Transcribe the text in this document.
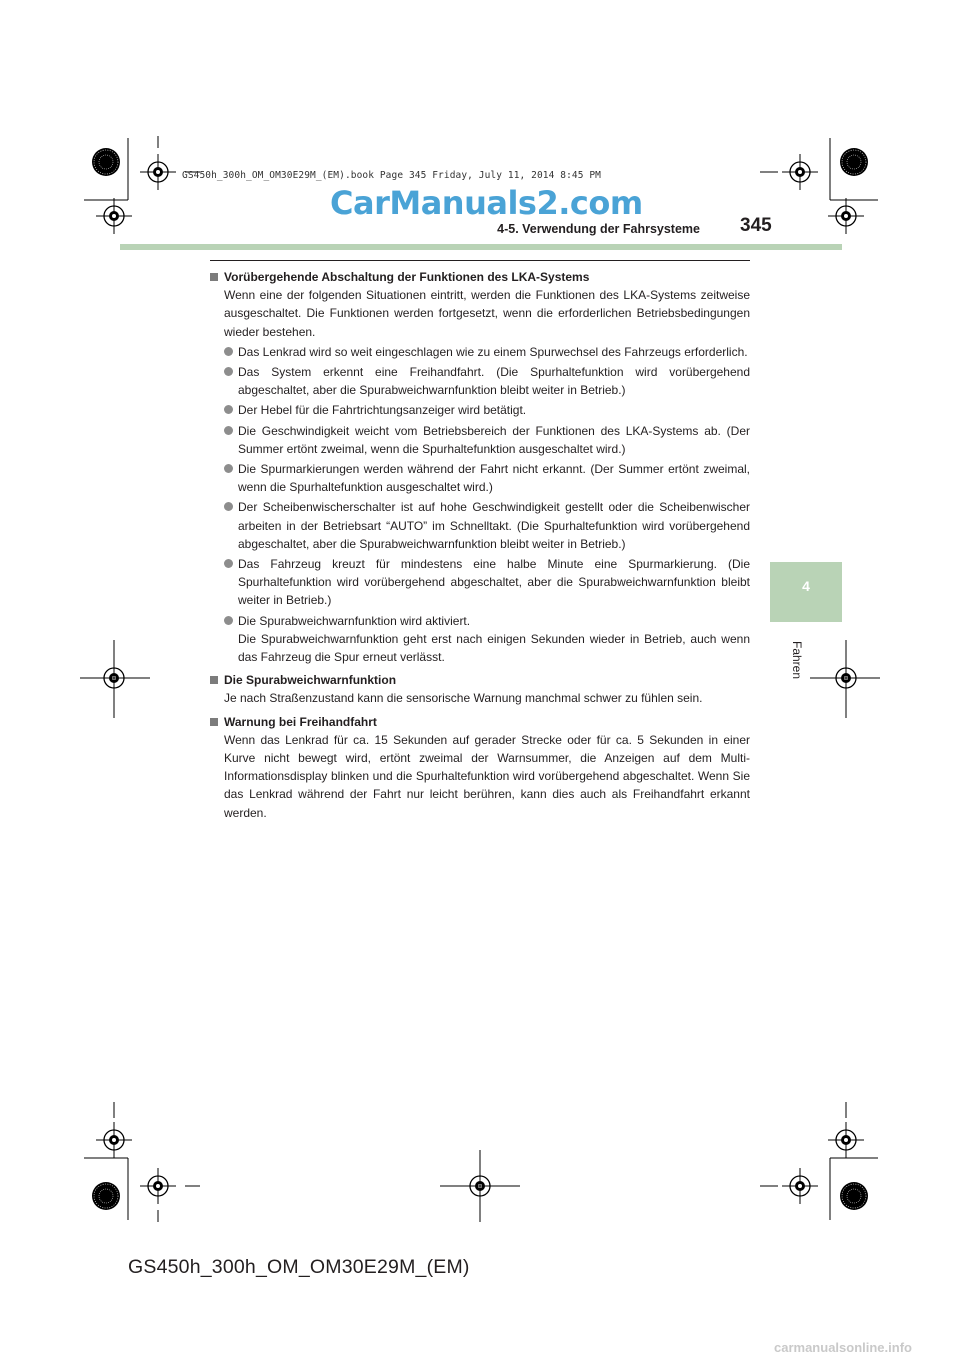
GS450h_300h_OM_OM30E29M_(EM).book Page 345 Friday, July 11, 2014 8:45 PM
CarManuals2.com
4-5. Verwendung der Fahrsysteme 345
4
Fahren

Vorübergehende Abschaltung der Funktionen des LKA-Systems

Wenn eine der folgenden Situationen eintritt, werden die Funktionen des LKA-Systems zeitweise ausgeschaltet. Die Funktionen werden fortgesetzt, wenn die erforderlichen Betriebsbedingungen wieder bestehen.

Das Lenkrad wird so weit eingeschlagen wie zu einem Spurwechsel des Fahrzeugs erforderlich.
Das System erkennt eine Freihandfahrt. (Die Spurhaltefunktion wird vorübergehend abgeschaltet, aber die Spurabweichwarnfunktion bleibt weiter in Betrieb.)
Der Hebel für die Fahrtrichtungsanzeiger wird betätigt.
Die Geschwindigkeit weicht vom Betriebsbereich der Funktionen des LKA-Systems ab. (Der Summer ertönt zweimal, wenn die Spurhaltefunktion ausgeschaltet wird.)
Die Spurmarkierungen werden während der Fahrt nicht erkannt. (Der Summer ertönt zweimal, wenn die Spurhaltefunktion ausgeschaltet wird.)
Der Scheibenwischerschalter ist auf hohe Geschwindigkeit gestellt oder die Scheibenwischer arbeiten in der Betriebsart “AUTO” im Schnelltakt. (Die Spurhaltefunktion wird vorübergehend abgeschaltet, aber die Spurabweichwarnfunktion bleibt weiter in Betrieb.)
Das Fahrzeug kreuzt für mindestens eine halbe Minute eine Spurmarkierung. (Die Spurhaltefunktion wird vorübergehend abgeschaltet, aber die Spurabweichwarnfunktion bleibt weiter in Betrieb.)
Die Spurabweichwarnfunktion wird aktiviert.
Die Spurabweichwarnfunktion geht erst nach einigen Sekunden wieder in Betrieb, auch wenn das Fahrzeug die Spur erneut verlässt.

Die Spurabweichwarnfunktion

Je nach Straßenzustand kann die sensorische Warnung manchmal schwer zu fühlen sein.

Warnung bei Freihandfahrt

Wenn das Lenkrad für ca. 15 Sekunden auf gerader Strecke oder für ca. 5 Sekunden in einer Kurve nicht bewegt wird, ertönt zweimal der Warnsummer, die Anzeigen auf dem Multi-Informationsdisplay blinken und die Spurhaltefunktion wird vorübergehend abgeschaltet. Wenn Sie das Lenkrad während der Fahrt nur leicht berühren, kann dies auch als Freihandfahrt erkannt werden.

GS450h_300h_OM_OM30E29M_(EM)
carmanualsonline.info
